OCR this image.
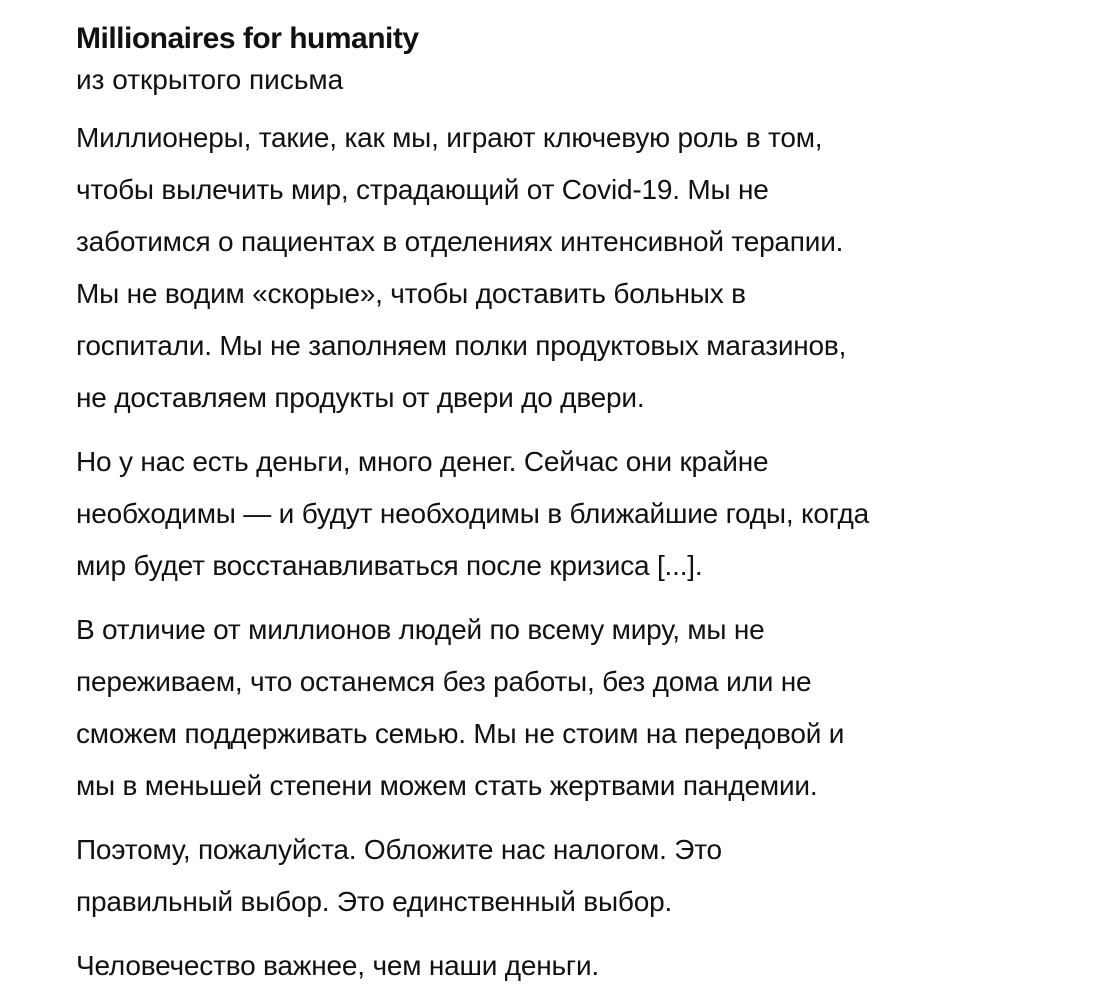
Millionaires for humanity
из открытого письма

Миллионеры, такие, как мы, играют ключевую роль в том,
чтобы вылечить мир, страдающий от Covid-19. Мы не
заботимся о пациентах в отделениях интенсивной терапии.
Мы не водим «скорые», чтобы доставить больных в
госпитали. Мы не заполняем полки продуктовых магазинов,
не доставляем продукты от двери до двери.

Но у нас есть деньги, много денег. Сейчас они крайне
необходимы — и будут необходимы в ближайшие годы, когда
мир будет восстанавливаться после кризиса [...].

В отличие от миллионов людей по всему миру, мы не
переживаем, что останемся без работы, без дома или не
сможем поддерживать семью. Мы не стоим на передовой и
мы в меньшей степени можем стать жертвами пандемии.

Поэтому, пожалуйста. Обложите нас налогом. Это
правильный выбор. Это единственный выбор.

Человечество важнее, чем наши деньги.
